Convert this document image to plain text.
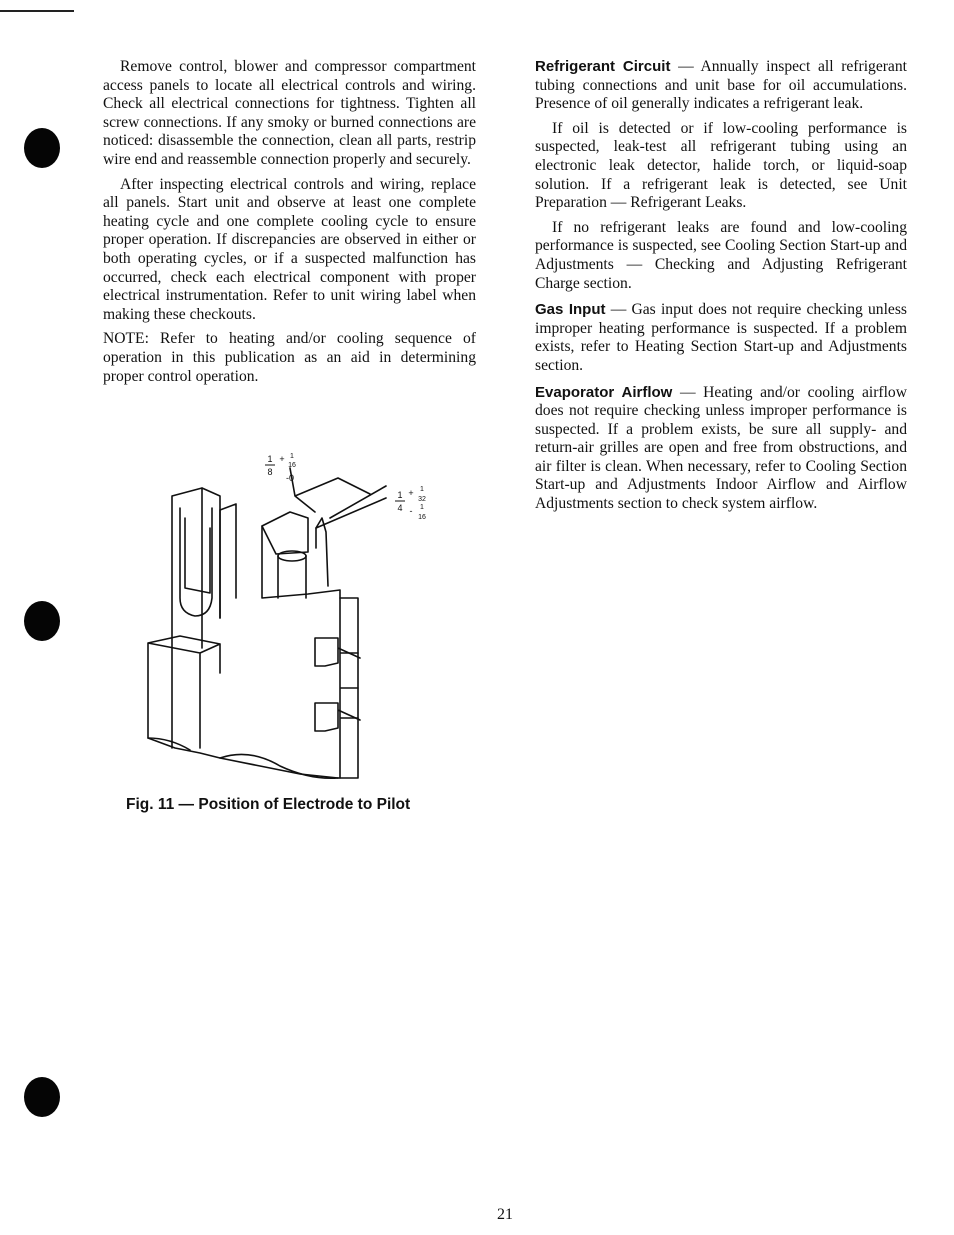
Remove control, blower and compressor compartment access panels to locate all electrical controls and wiring. Check all electrical connections for tightness. Tighten all screw connections. If any smoky or burned connections are noticed: disassemble the connection, clean all parts, restrip wire end and reassemble connection properly and securely.

After inspecting electrical controls and wiring, replace all panels. Start unit and observe at least one complete heating cycle and one complete cooling cycle to ensure proper operation. If discrepancies are observed in either or both operating cycles, or if a suspected malfunction has occurred, check each electrical component with proper electrical instrumentation. Refer to unit wiring label when making these checkouts.

NOTE: Refer to heating and/or cooling sequence of operation in this publication as an aid in determining proper control operation.

1
8
+ 1
16
-0
1
4
+ 1
32
- 1
16
Fig. 11 — Position of Electrode to Pilot

Refrigerant Circuit — Annually inspect all refrigerant tubing connections and unit base for oil accumulations. Presence of oil generally indicates a refrigerant leak.

If oil is detected or if low-cooling performance is suspected, leak-test all refrigerant tubing using an electronic leak detector, halide torch, or liquid-soap solution. If a refrigerant leak is detected, see Unit Preparation — Refrigerant Leaks.

If no refrigerant leaks are found and low-cooling performance is suspected, see Cooling Section Start-up and Adjustments — Checking and Adjusting Refrigerant Charge section.

Gas Input — Gas input does not require checking unless improper heating performance is suspected. If a problem exists, refer to Heating Section Start-up and Adjustments section.

Evaporator Airflow — Heating and/or cooling airflow does not require checking unless improper performance is suspected. If a problem exists, be sure all supply- and return-air grilles are open and free from obstructions, and air filter is clean. When necessary, refer to Cooling Section Start-up and Adjustments Indoor Airflow and Airflow Adjustments section to check system airflow.

21
